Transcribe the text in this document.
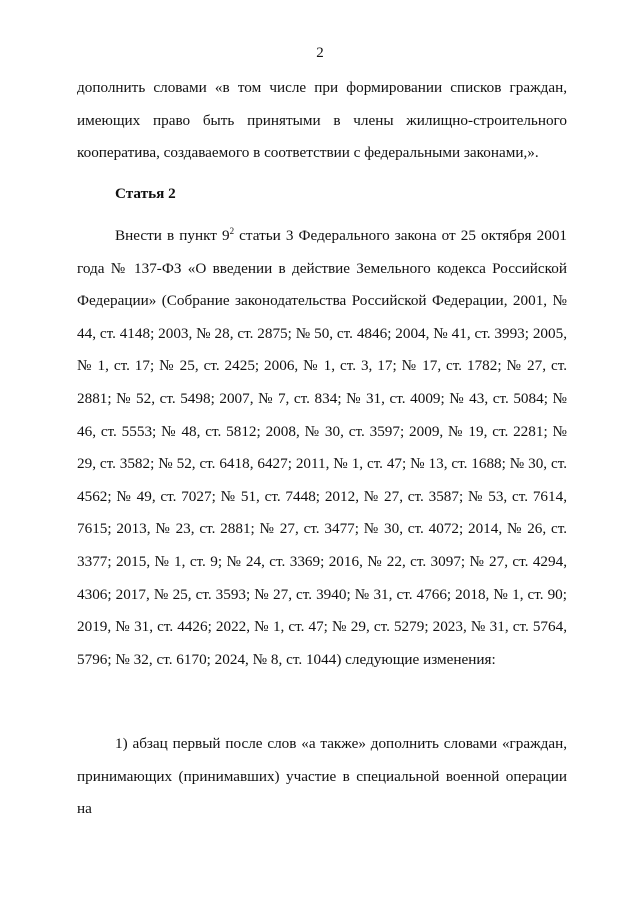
2

дополнить словами «в том числе при формировании списков граждан, имеющих право быть принятыми в члены жилищно-строительного кооператива, создаваемого в соответствии с федеральными законами,».

Статья 2

Внести в пункт $9^2$ статьи 3 Федерального закона от 25 октября 2001 года № 137-ФЗ «О введении в действие Земельного кодекса Российской Федерации» (Собрание законодательства Российской Федерации, 2001, № 44, ст. 4148; 2003, № 28, ст. 2875; № 50, ст. 4846; 2004, № 41, ст. 3993; 2005, № 1, ст. 17; № 25, ст. 2425; 2006, № 1, ст. 3, 17; № 17, ст. 1782; № 27, ст. 2881; № 52, ст. 5498; 2007, № 7, ст. 834; № 31, ст. 4009; № 43, ст. 5084; № 46, ст. 5553; № 48, ст. 5812; 2008, № 30, ст. 3597; 2009, № 19, ст. 2281; № 29, ст. 3582; № 52, ст. 6418, 6427; 2011, № 1, ст. 47; № 13, ст. 1688; № 30, ст. 4562; № 49, ст. 7027; № 51, ст. 7448; 2012, № 27, ст. 3587; № 53, ст. 7614, 7615; 2013, № 23, ст. 2881; № 27, ст. 3477; № 30, ст. 4072; 2014, № 26, ст. 3377; 2015, № 1, ст. 9; № 24, ст. 3369; 2016, № 22, ст. 3097; № 27, ст. 4294, 4306; 2017, № 25, ст. 3593; № 27, ст. 3940; № 31, ст. 4766; 2018, № 1, ст. 90; 2019, № 31, ст. 4426; 2022, № 1, ст. 47; № 29, ст. 5279; 2023, № 31, ст. 5764, 5796; № 32, ст. 6170; 2024, № 8, ст. 1044) следующие изменения:

1) абзац первый после слов «а также» дополнить словами «граждан, принимающих (принимавших) участие в специальной военной операции на
